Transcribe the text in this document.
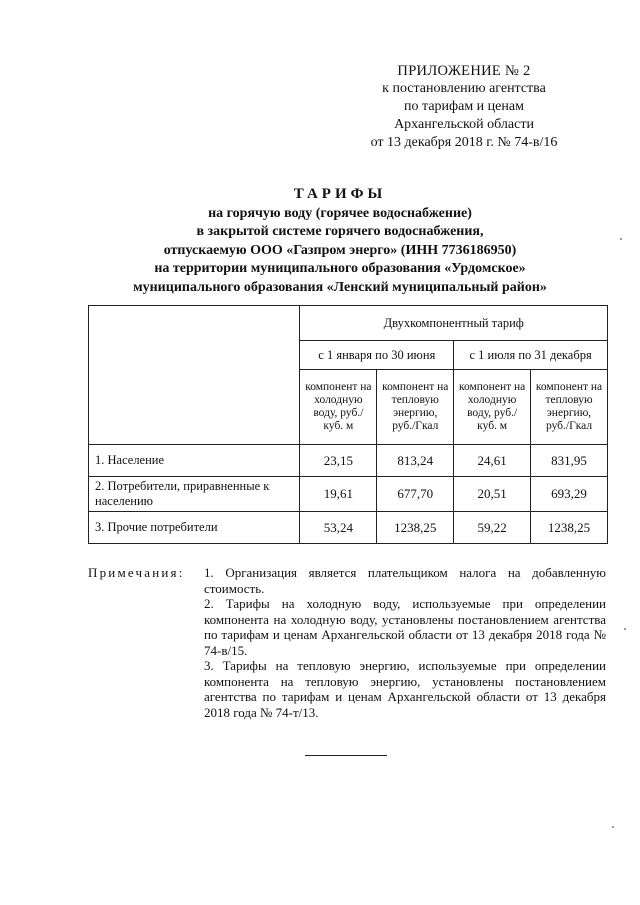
ПРИЛОЖЕНИЕ № 2
к постановлению агентства
по тарифам и ценам
Архангельской области
от 13 декабря 2018 г. № 74-в/16
ТАРИФЫ
на горячую воду (горячее водоснабжение)
в закрытой системе горячего водоснабжения,
отпускаемую ООО «Газпром энерго» (ИНН 7736186950)
на территории муниципального образования «Урдомское»
муниципального образования «Ленский муниципальный район»
	Двухкомпонентный тариф			
	с 1 января по 30 июня		с 1 июля по 31 декабря	
	компонент на холодную воду, руб./куб. м	компонент на тепловую энергию, руб./Гкал	компонент на холодную воду, руб./куб. м	компонент на тепловую энергию, руб./Гкал
1. Население	23,15	813,24	24,61	831,95
2. Потребители, приравненные к населению	19,61	677,70	20,51	693,29
3. Прочие потребители	53,24	1238,25	59,22	1238,25
Примечания: 1. Организация является плательщиком налога на добавленную стоимость.

2. Тарифы на холодную воду, используемые при определении компонента на холодную воду, установлены постановлением агентства по тарифам и ценам Архангельской области от 13 декабря 2018 года № 74-в/15.

3. Тарифы на тепловую энергию, используемые при определении компонента на тепловую энергию, установлены постановлением агентства по тарифам и ценам Архангельской области от 13 декабря 2018 года № 74-т/13.
